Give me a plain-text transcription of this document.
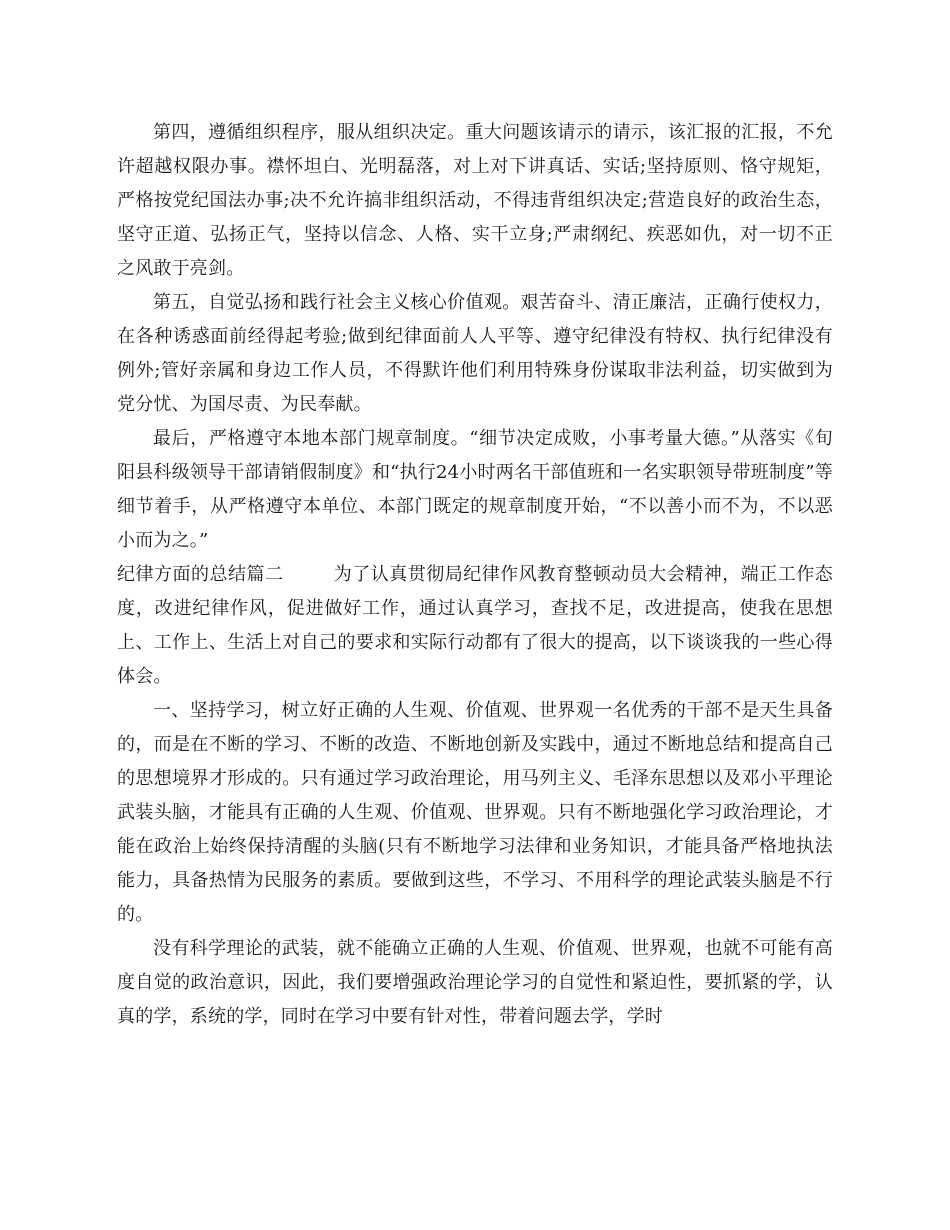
第四，遵循组织程序，服从组织决定。重大问题该请示的请示，该汇报的汇报，不允许超越权限办事。襟怀坦白、光明磊落，对上对下讲真话、实话;坚持原则、恪守规矩，严格按党纪国法办事;决不允许搞非组织活动，不得违背组织决定;营造良好的政治生态，坚守正道、弘扬正气，坚持以信念、人格、实干立身;严肃纲纪、疾恶如仇，对一切不正之风敢于亮剑。

第五，自觉弘扬和践行社会主义核心价值观。艰苦奋斗、清正廉洁，正确行使权力，在各种诱惑面前经得起考验;做到纪律面前人人平等、遵守纪律没有特权、执行纪律没有例外;管好亲属和身边工作人员，不得默许他们利用特殊身份谋取非法利益，切实做到为党分忧、为国尽责、为民奉献。

最后，严格遵守本地本部门规章制度。“细节决定成败，小事考量大德。”从落实《旬阳县科级领导干部请销假制度》和“执行24小时两名干部值班和一名实职领导带班制度”等细节着手，从严格遵守本单位、本部门既定的规章制度开始，“不以善小而不为，不以恶小而为之。”

纪律方面的总结篇二	为了认真贯彻局纪律作风教育整顿动员大会精神，端正工作态度，改进纪律作风，促进做好工作，通过认真学习，查找不足，改进提高，使我在思想上、工作上、生活上对自己的要求和实际行动都有了很大的提高，以下谈谈我的一些心得体会。

一、坚持学习，树立好正确的人生观、价值观、世界观一名优秀的干部不是天生具备的，而是在不断的学习、不断的改造、不断地创新及实践中，通过不断地总结和提高自己的思想境界才形成的。只有通过学习政治理论，用马列主义、毛泽东思想以及邓小平理论武装头脑，才能具有正确的人生观、价值观、世界观。只有不断地强化学习政治理论，才能在政治上始终保持清醒的头脑(只有不断地学习法律和业务知识，才能具备严格地执法能力，具备热情为民服务的素质。要做到这些，不学习、不用科学的理论武装头脑是不行的。

没有科学理论的武装，就不能确立正确的人生观、价值观、世界观，也就不可能有高度自觉的政治意识，因此，我们要增强政治理论学习的自觉性和紧迫性，要抓紧的学，认真的学，系统的学，同时在学习中要有针对性，带着问题去学，学时
